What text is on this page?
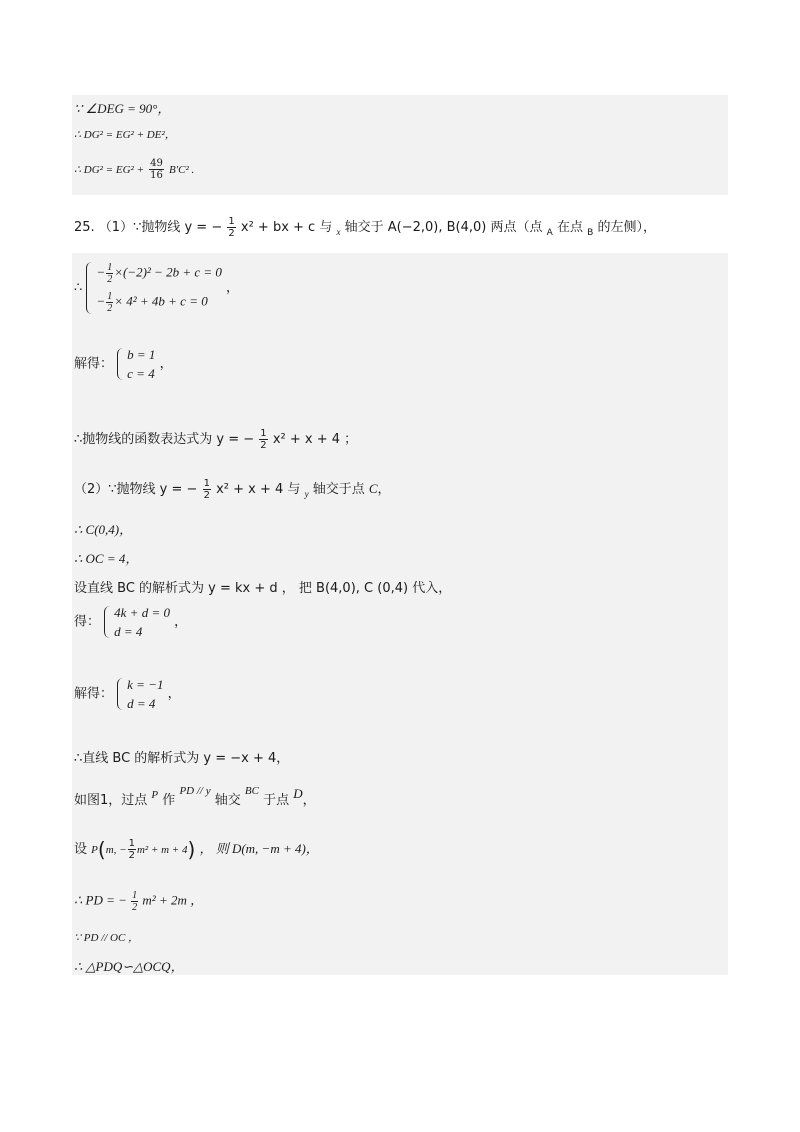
∵ ∠DEG = 90°，
∴ DG² = EG² + DE²，
∴ $DG^2 = EG^2 + \frac{49}{16} B'C^2$ .
25. （1）∵抛物线 y = − $\frac{1}{2} x^2$ + bx + c 与 $_x$ 轴交于 A(−2,0), B(4,0) 两点（点 $_A$ 在点 $_B$ 的左侧），
∴
− $\frac{1}{2} \times(-2)^2 - 2b + c = 0$
− $\frac{1}{2} \times 4^2 + 4b + c = 0$
，
解得：
b = 1
c = 4
，
∴抛物线的函数表达式为 y = − $\frac{1}{2} x^2 + x + 4$ ；
（2）∵抛物线 y = − $\frac{1}{2} x^2 + x + 4$ 与 $_y$ 轴交于点 C，
∴ C(0,4)，
∴ OC = 4，
设直线 BC 的解析式为 y = kx + d ， 把 B(4,0), C (0,4) 代入，
得：
4k + d = 0
d = 4
，
解得：
k = −1
d = 4
，
∴直线 BC 的解析式为 y = −x + 4，
如图1，过点 $^P$ 作 $^{PD // y}$ 轴交 $^{BC}$ 于点 D，
设 P(m, − $\frac{1}{2} m^2 + m + 4$) ， 则 D(m, −m + 4)，
∴ PD = − $\frac{1}{2} m^2 + 2m$ ，
∵ PD // OC ，
∴ △PDQ∽△OCQ，
